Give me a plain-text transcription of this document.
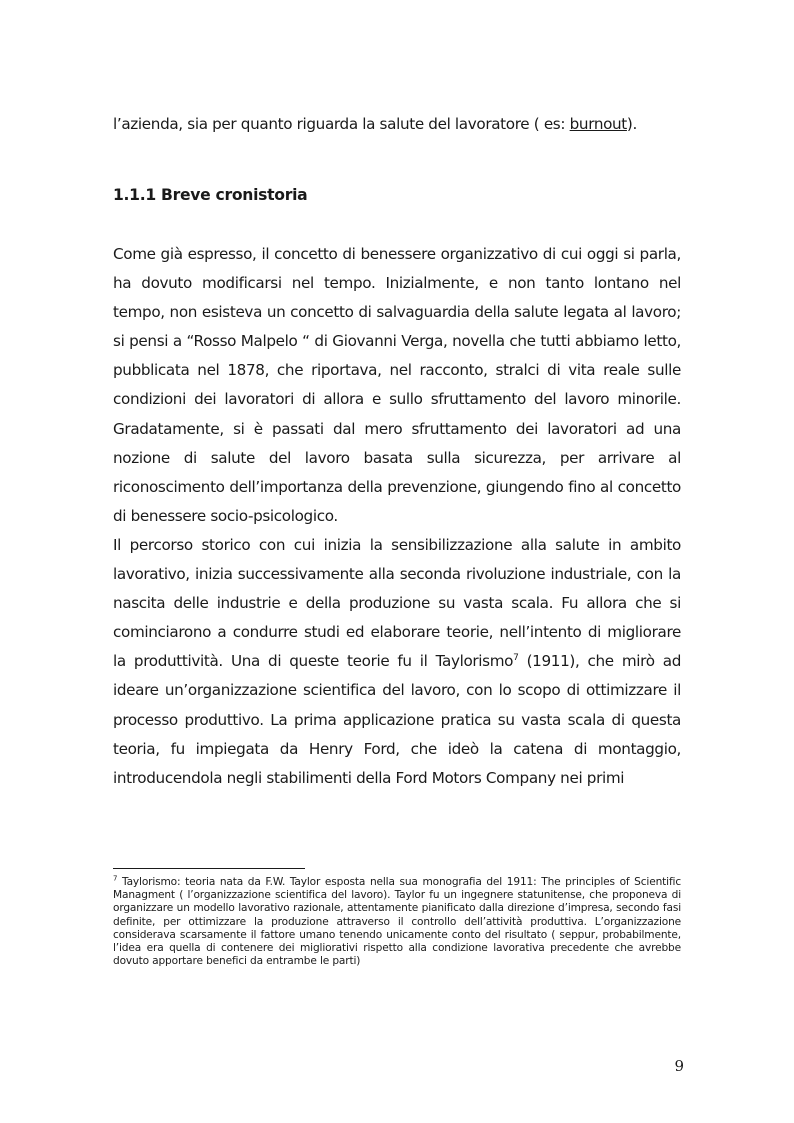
l’azienda, sia per quanto riguarda la salute del lavoratore ( es: burnout).
1.1.1 Breve cronistoria

Come già espresso, il concetto di benessere organizzativo di cui oggi si parla, ha dovuto modificarsi nel tempo. Inizialmente, e non tanto lontano nel tempo, non esisteva un concetto di salvaguardia della salute legata al lavoro; si pensi a “Rosso Malpelo “ di Giovanni Verga, novella che tutti abbiamo letto, pubblicata nel 1878, che riportava, nel racconto, stralci di vita reale sulle condizioni dei lavoratori di allora e sullo sfruttamento del lavoro minorile. Gradatamente, si è passati dal mero sfruttamento dei lavoratori ad una nozione di salute del lavoro basata sulla sicurezza, per arrivare al riconoscimento dell’importanza della prevenzione, giungendo fino al concetto di benessere socio-psicologico.

Il percorso storico con cui inizia la sensibilizzazione alla salute in ambito lavorativo, inizia successivamente alla seconda rivoluzione industriale, con la nascita delle industrie e della produzione su vasta scala. Fu allora che si cominciarono a condurre studi ed elaborare teorie, nell’intento di migliorare la produttività. Una di queste teorie fu il Taylorismo$^7$ (1911), che mirò ad ideare un’organizzazione scientifica del lavoro, con lo scopo di ottimizzare il processo produttivo. La prima applicazione pratica su vasta scala di questa teoria, fu impiegata da Henry Ford, che ideò la catena di montaggio, introducendola negli stabilimenti della Ford Motors Company nei primi

$^7$ Taylorismo: teoria nata da F.W. Taylor esposta nella sua monografia del 1911: The principles of Scientific Managment ( l’organizzazione scientifica del lavoro). Taylor fu un ingegnere statunitense, che proponeva di organizzare un modello lavorativo razionale, attentamente pianificato dalla direzione d’impresa, secondo fasi definite, per ottimizzare la produzione attraverso il controllo dell’attività produttiva. L’organizzazione considerava scarsamente il fattore umano tenendo unicamente conto del risultato ( seppur, probabilmente, l’idea era quella di contenere dei migliorativi rispetto alla condizione lavorativa precedente che avrebbe dovuto apportare benefici da entrambe le parti)

9
